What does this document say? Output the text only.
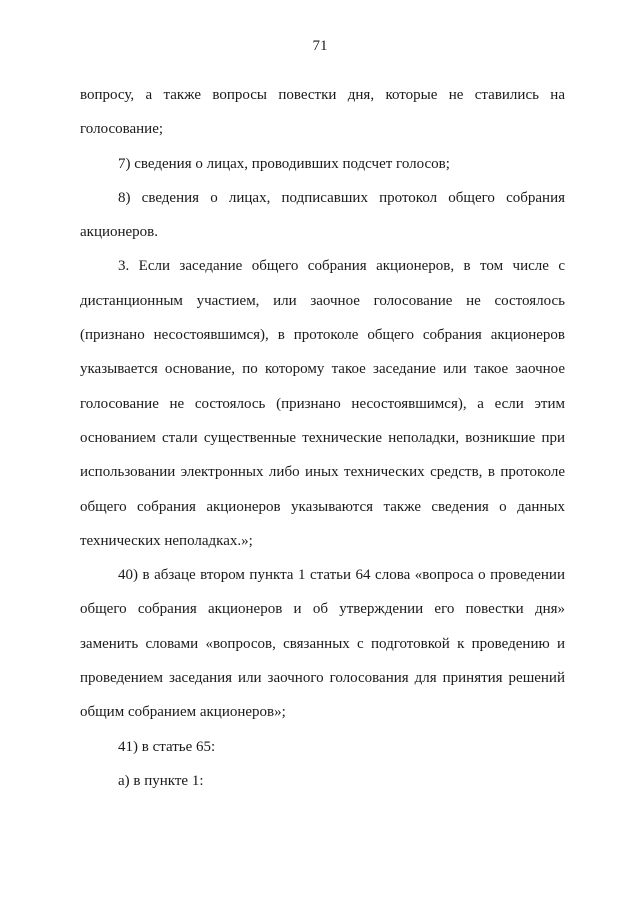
71

вопросу, а также вопросы повестки дня, которые не ставились на голосование;

7) сведения о лицах, проводивших подсчет голосов;

8) сведения о лицах, подписавших протокол общего собрания акционеров.

3. Если заседание общего собрания акционеров, в том числе с дистанционным участием, или заочное голосование не состоялось (признано несостоявшимся), в протоколе общего собрания акционеров указывается основание, по которому такое заседание или такое заочное голосование не состоялось (признано несостоявшимся), а если этим основанием стали существенные технические неполадки, возникшие при использовании электронных либо иных технических средств, в протоколе общего собрания акционеров указываются также сведения о данных технических неполадках.»;

40) в абзаце втором пункта 1 статьи 64 слова «вопроса о проведении общего собрания акционеров и об утверждении его повестки дня» заменить словами «вопросов, связанных с подготовкой к проведению и проведением заседания или заочного голосования для принятия решений общим собранием акционеров»;

41) в статье 65:

а) в пункте 1:
